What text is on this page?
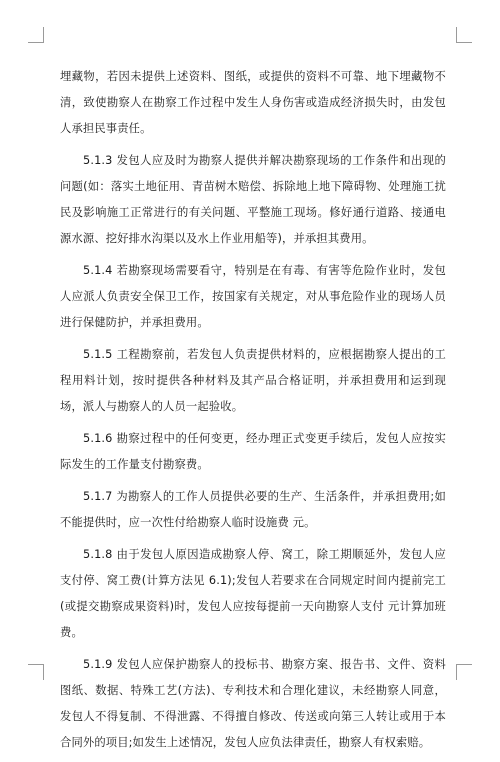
埋藏物，若因未提供上述资料、图纸，或提供的资料不可靠、地下埋藏物不清，致使勘察人在勘察工作过程中发生人身伤害或造成经济损失时，由发包人承担民事责任。

5.1.3 发包人应及时为勘察人提供并解决勘察现场的工作条件和出现的问题(如：落实土地征用、青苗树木赔偿、拆除地上地下障碍物、处理施工扰民及影响施工正常进行的有关问题、平整施工现场。修好通行道路、接通电源水源、挖好排水沟渠以及水上作业用船等)，并承担其费用。

5.1.4 若勘察现场需要看守，特别是在有毒、有害等危险作业时，发包人应派人负责安全保卫工作，按国家有关规定，对从事危险作业的现场人员进行保健防护，并承担费用。

5.1.5 工程勘察前，若发包人负责提供材料的，应根据勘察人提出的工程用料计划，按时提供各种材料及其产品合格证明，并承担费用和运到现场，派人与勘察人的人员一起验收。

5.1.6 勘察过程中的任何变更，经办理正式变更手续后，发包人应按实际发生的工作量支付勘察费。

5.1.7 为勘察人的工作人员提供必要的生产、生活条件，并承担费用;如不能提供时，应一次性付给勘察人临时设施费 元。

5.1.8 由于发包人原因造成勘察人停、窝工，除工期顺延外，发包人应支付停、窝工费(计算方法见 6.1);发包人若要求在合同规定时间内提前完工(或提交勘察成果资料)时，发包人应按每提前一天向勘察人支付 元计算加班费。

5.1.9 发包人应保护勘察人的投标书、勘察方案、报告书、文件、资料图纸、数据、特殊工艺(方法)、专利技术和合理化建议，未经勘察人同意，发包人不得复制、不得泄露、不得擅自修改、传送或向第三人转让或用于本合同外的项目;如发生上述情况，发包人应负法律责任，勘察人有权索赔。
